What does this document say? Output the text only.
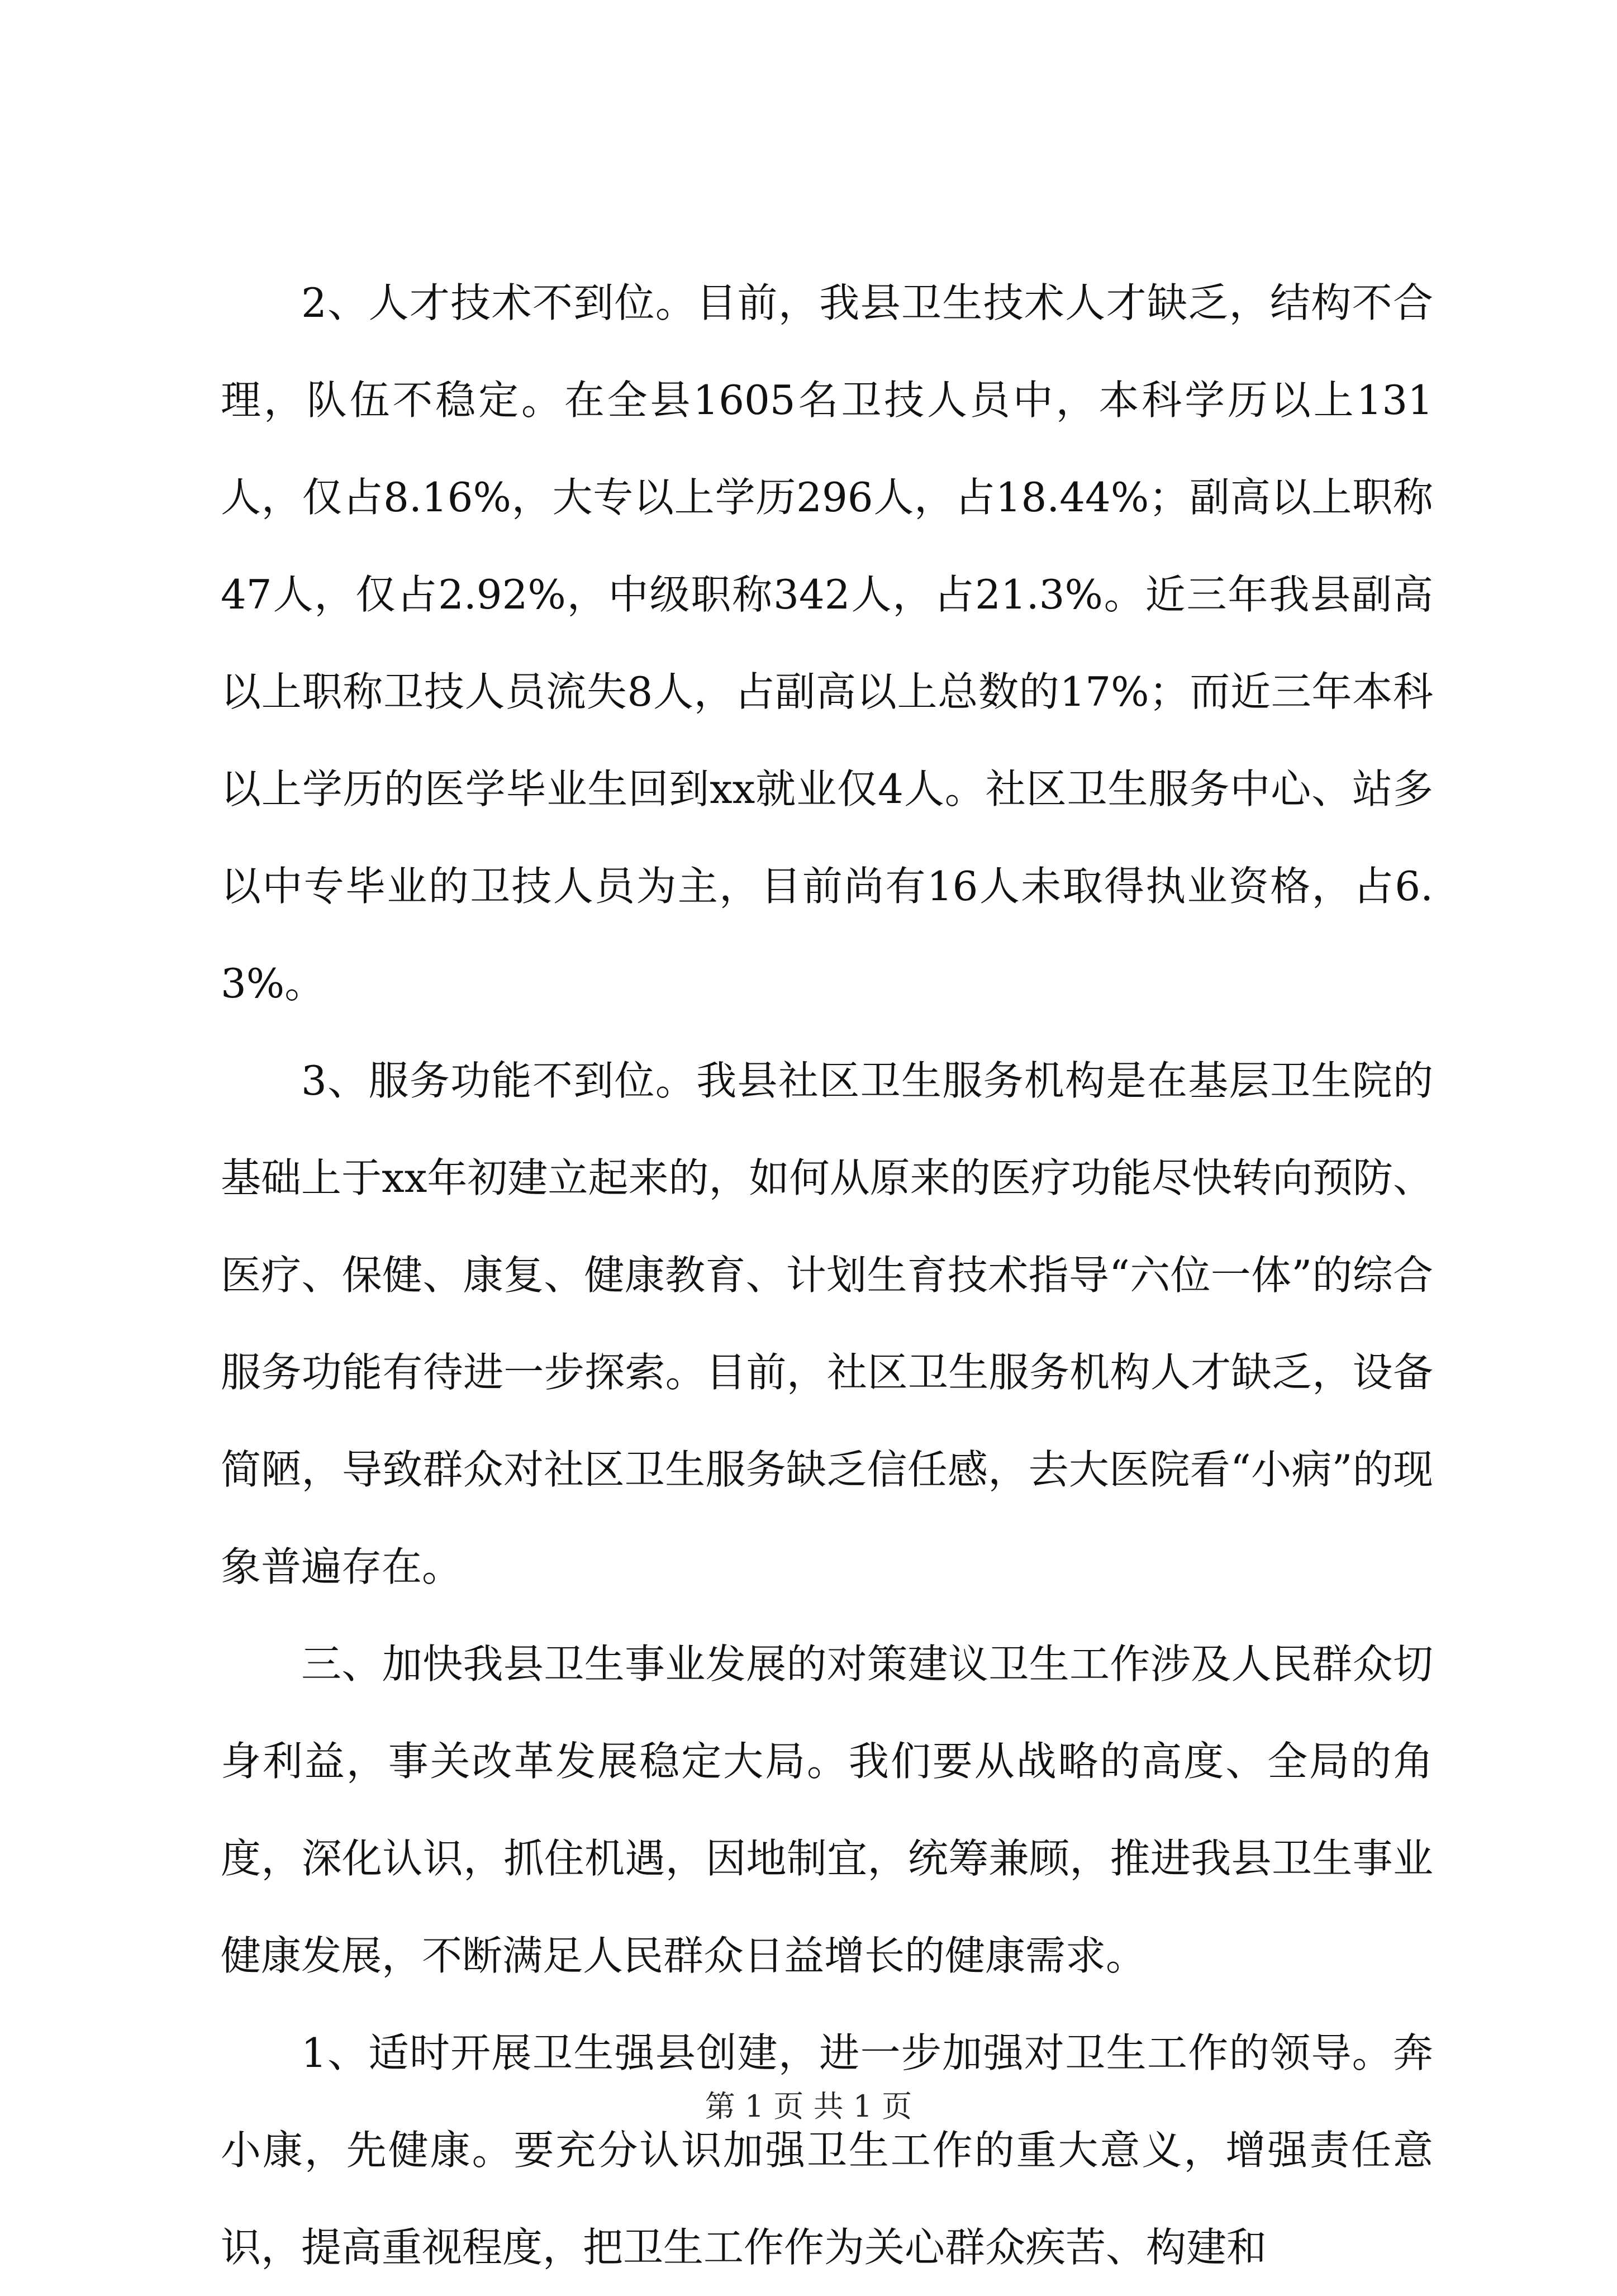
2、人才技术不到位。目前，我县卫生技术人才缺乏，结构不合理，队伍不稳定。在全县1605名卫技人员中，本科学历以上131人，仅占8.16%，大专以上学历296人，占18.44%；副高以上职称47人，仅占2.92%，中级职称342人，占21.3%。近三年我县副高以上职称卫技人员流失8人，占副高以上总数的17%；而近三年本科以上学历的医学毕业生回到xx就业仅4人。社区卫生服务中心、站多以中专毕业的卫技人员为主，目前尚有16人未取得执业资格，占6.3%。

3、服务功能不到位。我县社区卫生服务机构是在基层卫生院的基础上于xx年初建立起来的，如何从原来的医疗功能尽快转向预防、医疗、保健、康复、健康教育、计划生育技术指导“六位一体”的综合服务功能有待进一步探索。目前，社区卫生服务机构人才缺乏，设备简陋，导致群众对社区卫生服务缺乏信任感，去大医院看“小病”的现象普遍存在。

三、加快我县卫生事业发展的对策建议卫生工作涉及人民群众切身利益，事关改革发展稳定大局。我们要从战略的高度、全局的角度，深化认识，抓住机遇，因地制宜，统筹兼顾，推进我县卫生事业健康发展，不断满足人民群众日益增长的健康需求。

1、适时开展卫生强县创建，进一步加强对卫生工作的领导。奔小康，先健康。要充分认识加强卫生工作的重大意义，增强责任意识，提高重视程度，把卫生工作作为关心群众疾苦、构建和

第 1 页 共 1 页
